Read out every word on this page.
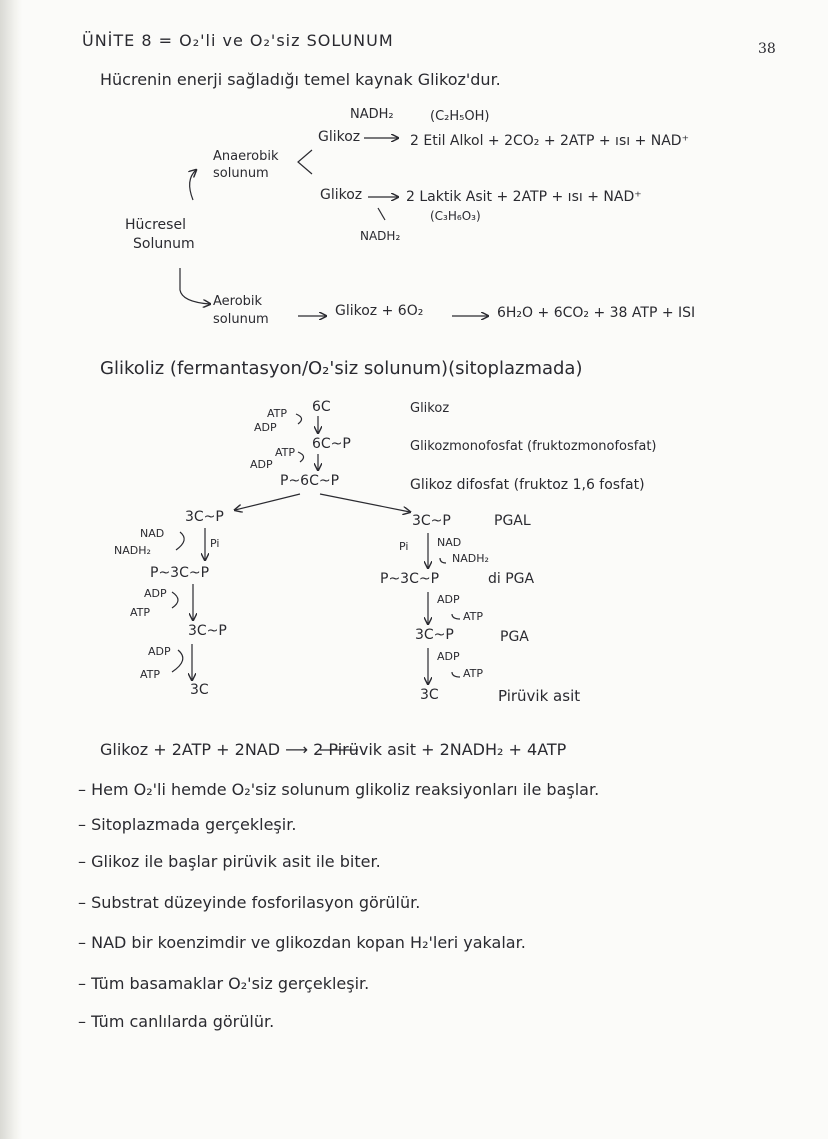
ÜNİTE 8 = O₂'li ve O₂'siz SOLUNUM	38
Hücrenin enerji sağladığı temel kaynak Glikoz'dur.
NADH₂	(C₂H₅OH)
Glikoz	2 Etil Alkol + 2CO₂ + 2ATP + ısı + NAD⁺
Anaerobik
solunum
Glikoz	2 Laktik Asit + 2ATP + ısı + NAD⁺
(C₃H₆O₃)
NADH₂
Hücresel
Solunum
Aerobik
solunum
Glikoz + 6O₂	6H₂O + 6CO₂ + 38 ATP + ISI
Glikoliz (fermantasyon/O₂'siz solunum)(sitoplazmada)
6C
ATP
ADP
6C~P
ATP
ADP
P~6C~P
Glikoz
Glikozmonofosfat (fruktozmonofosfat)
Glikoz difosfat (fruktoz 1,6 fosfat)
3C~P
NAD
NADH₂
Pi
P~3C~P
ADP
ATP
3C~P
ADP
ATP
3C
3C~P	PGAL
Pi	NAD
NADH₂
P~3C~P	di PGA
ADP
ATP
3C~P	PGA
ADP
ATP
3C	Pirüvik asit
Glikoz + 2ATP + 2NAD ⟶ 2 Pirüvik asit + 2NADH₂ + 4ATP
– Hem O₂'li hemde O₂'siz solunum glikoliz reaksiyonları ile başlar.
– Sitoplazmada gerçekleşir.
– Glikoz ile başlar pirüvik asit ile biter.
– Substrat düzeyinde fosforilasyon görülür.
– NAD bir koenzimdir ve glikozdan kopan H₂'leri yakalar.
– Tüm basamaklar O₂'siz gerçekleşir.
– Tüm canlılarda görülür.
